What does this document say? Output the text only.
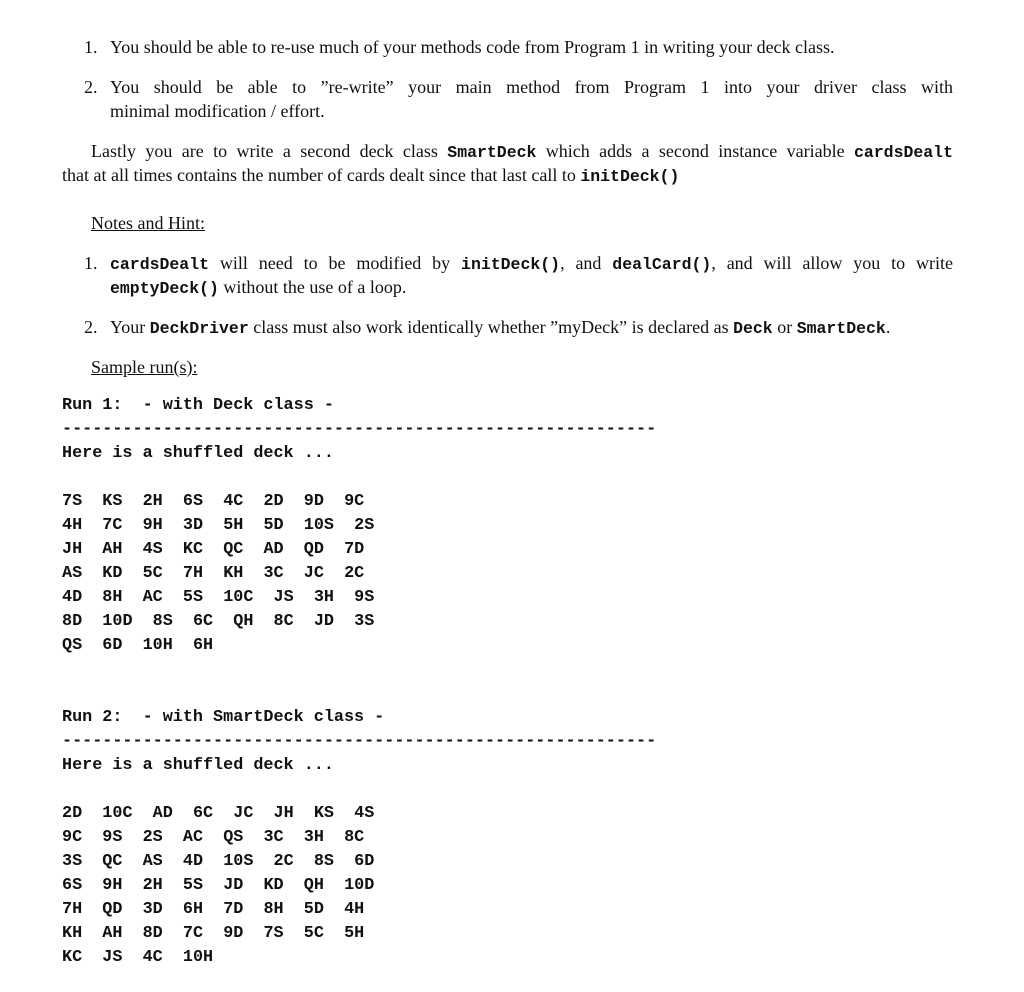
1. You should be able to re-use much of your methods code from Program 1 in writing your deck class.
2. You should be able to ”re-write” your main method from Program 1 into your driver class with
minimal modification / effort.
Lastly you are to write a second deck class SmartDeck which adds a second instance variable cardsDealt
that at all times contains the number of cards dealt since that last call to initDeck()
Notes and Hint:
1. cardsDealt will need to be modified by initDeck(), and dealCard(), and will allow you to write
emptyDeck() without the use of a loop.
2. Your DeckDriver class must also work identically whether ”myDeck” is declared as Deck or SmartDeck.
Sample run(s):
Run 1:  - with Deck class -
-----------------------------------------------------------
Here is a shuffled deck ...
7S  KS  2H  6S  4C  2D  9D  9C
4H  7C  9H  3D  5H  5D  10S  2S
JH  AH  4S  KC  QC  AD  QD  7D
AS  KD  5C  7H  KH  3C  JC  2C
4D  8H  AC  5S  10C  JS  3H  9S
8D  10D  8S  6C  QH  8C  JD  3S
QS  6D  10H  6H
Run 2:  - with SmartDeck class -
-----------------------------------------------------------
Here is a shuffled deck ...
2D  10C  AD  6C  JC  JH  KS  4S
9C  9S  2S  AC  QS  3C  3H  8C
3S  QC  AS  4D  10S  2C  8S  6D
6S  9H  2H  5S  JD  KD  QH  10D
7H  QD  3D  6H  7D  8H  5D  4H
KH  AH  8D  7C  9D  7S  5C  5H
KC  JS  4C  10H
